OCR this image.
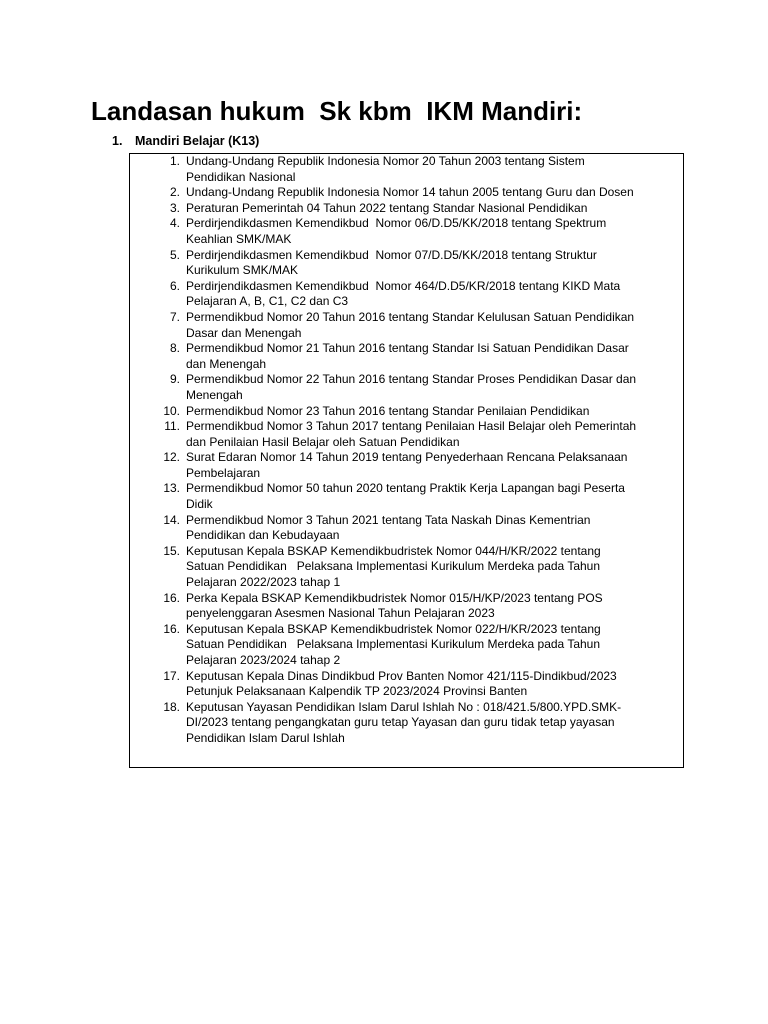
Landasan hukum  Sk kbm  IKM Mandiri:
1. Mandiri Belajar (K13)
1. Undang-Undang Republik Indonesia Nomor 20 Tahun 2003 tentang Sistem
Pendidikan Nasional
2. Undang-Undang Republik Indonesia Nomor 14 tahun 2005 tentang Guru dan Dosen
3. Peraturan Pemerintah 04 Tahun 2022 tentang Standar Nasional Pendidikan
4. Perdirjendikdasmen Kemendikbud  Nomor 06/D.D5/KK/2018 tentang Spektrum
Keahlian SMK/MAK
5. Perdirjendikdasmen Kemendikbud  Nomor 07/D.D5/KK/2018 tentang Struktur
Kurikulum SMK/MAK
6. Perdirjendikdasmen Kemendikbud  Nomor 464/D.D5/KR/2018 tentang KIKD Mata
Pelajaran A, B, C1, C2 dan C3
7. Permendikbud Nomor 20 Tahun 2016 tentang Standar Kelulusan Satuan Pendidikan
Dasar dan Menengah
8. Permendikbud Nomor 21 Tahun 2016 tentang Standar Isi Satuan Pendidikan Dasar
dan Menengah
9. Permendikbud Nomor 22 Tahun 2016 tentang Standar Proses Pendidikan Dasar dan
Menengah
10. Permendikbud Nomor 23 Tahun 2016 tentang Standar Penilaian Pendidikan
11. Permendikbud Nomor 3 Tahun 2017 tentang Penilaian Hasil Belajar oleh Pemerintah
dan Penilaian Hasil Belajar oleh Satuan Pendidikan
12. Surat Edaran Nomor 14 Tahun 2019 tentang Penyederhaan Rencana Pelaksanaan
Pembelajaran
13. Permendikbud Nomor 50 tahun 2020 tentang Praktik Kerja Lapangan bagi Peserta
Didik
14. Permendikbud Nomor 3 Tahun 2021 tentang Tata Naskah Dinas Kementrian
Pendidikan dan Kebudayaan
15. Keputusan Kepala BSKAP Kemendikbudristek Nomor 044/H/KR/2022 tentang
Satuan Pendidikan   Pelaksana Implementasi Kurikulum Merdeka pada Tahun
Pelajaran 2022/2023 tahap 1
16. Perka Kepala BSKAP Kemendikbudristek Nomor 015/H/KP/2023 tentang POS
penyelenggaran Asesmen Nasional Tahun Pelajaran 2023
16. Keputusan Kepala BSKAP Kemendikbudristek Nomor 022/H/KR/2023 tentang
Satuan Pendidikan   Pelaksana Implementasi Kurikulum Merdeka pada Tahun
Pelajaran 2023/2024 tahap 2
17. Keputusan Kepala Dinas Dindikbud Prov Banten Nomor 421/115-Dindikbud/2023
Petunjuk Pelaksanaan Kalpendik TP 2023/2024 Provinsi Banten
18. Keputusan Yayasan Pendidikan Islam Darul Ishlah No : 018/421.5/800.YPD.SMK-
DI/2023 tentang pengangkatan guru tetap Yayasan dan guru tidak tetap yayasan
Pendidikan Islam Darul Ishlah
